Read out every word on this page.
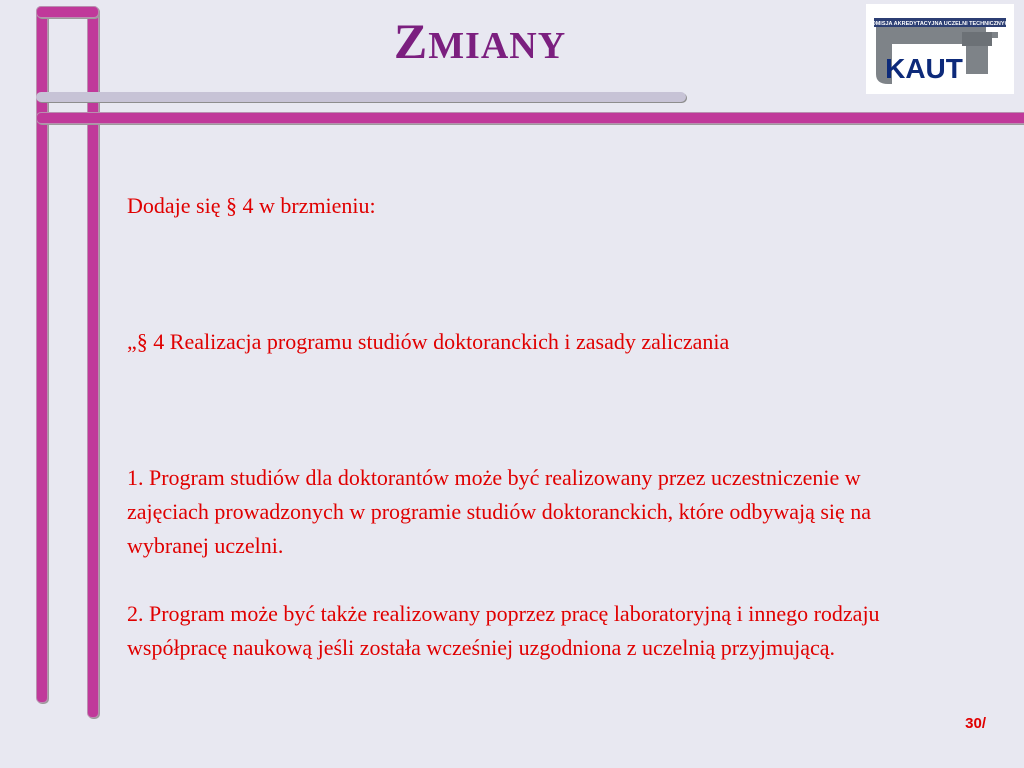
ZMIANY
KOMISJA AKREDYTACYJNA UCZELNI TECHNICZNYCH
KAUT

Dodaje się § 4 w brzmieniu:

„§ 4 Realizacja programu studiów doktoranckich i zasady zaliczania

1. Program studiów dla doktorantów może być realizowany przez uczestniczenie w zajęciach prowadzonych w programie studiów doktoranckich, które odbywają się na wybranej uczelni.

2. Program może być także realizowany poprzez pracę laboratoryjną i innego rodzaju współpracę naukową jeśli została wcześniej uzgodniona z uczelnią przyjmującą.

30/
